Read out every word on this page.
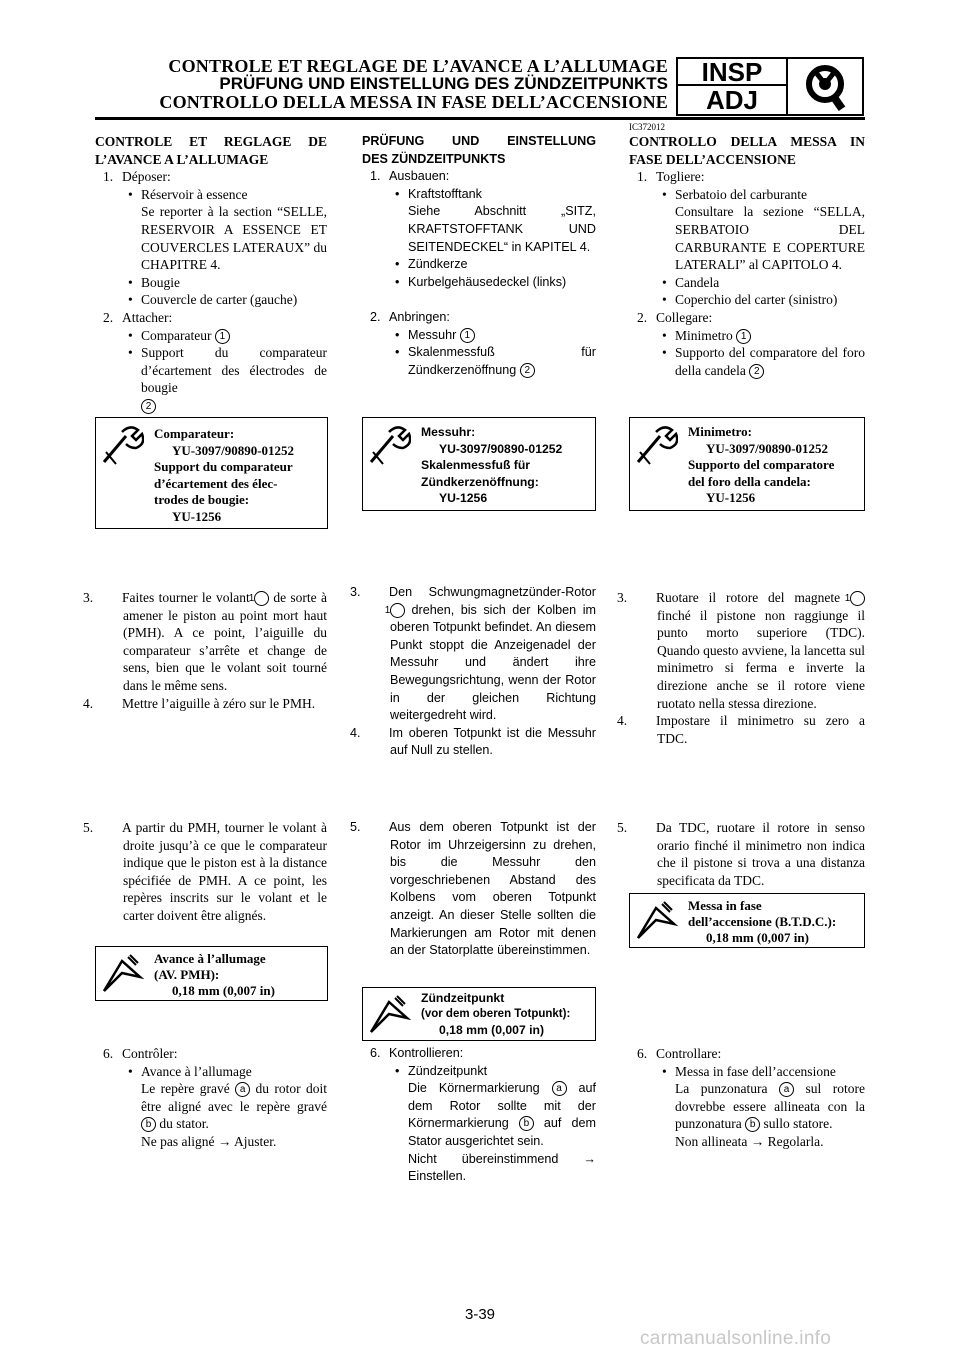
CONTROLE ET REGLAGE DE L’AVANCE A L’ALLUMAGE
PRÜFUNG UND EINSTELLUNG DES ZÜNDZEITPUNKTS
CONTROLLO DELLA MESSA IN FASE DELL’ACCENSIONE
INSP
ADJ
IC372012
CONTROLE ET REGLAGE DE
L’AVANCE A L’ALLUMAGE
1. Déposer:
• Réservoir à essence
Se reporter à la section “SELLE, RESERVOIR A ESSENCE ET COUVERCLES LATERAUX” du CHAPITRE 4.
• Bougie
• Couvercle de carter (gauche)
2. Attacher:
• Comparateur 1
• Support du comparateur d’écartement des électrodes de bougie
2
Comparateur:
YU-3097/90890-01252
Support du comparateur
d’écartement des élec-
trodes de bougie:
YU-1256
3. Faites tourner le volant 1 de sorte à amener le piston au point mort haut (PMH). A ce point, l’aiguille du comparateur s’arrête et change de sens, bien que le volant soit tourné dans le même sens.
4. Mettre l’aiguille à zéro sur le PMH.
5. A partir du PMH, tourner le volant à droite jusqu’à ce que le comparateur indique que le piston est à la distance spécifiée de PMH. A ce point, les repères inscrits sur le volant et le carter doivent être alignés.
Avance à l’allumage
(AV. PMH):
0,18 mm (0,007 in)
6. Contrôler:
• Avance à l’allumage
Le repère gravé a du rotor doit être aligné avec le repère gravé b du stator.
Ne pas aligné → Ajuster.
PRÜFUNG UND EINSTELLUNG
DES ZÜNDZEITPUNKTS
1. Ausbauen:
• Kraftstofftank
Siehe Abschnitt „SITZ, KRAFTSTOFFTANK UND SEITENDECKEL“ in KAPITEL 4.
• Zündkerze
• Kurbelgehäusedeckel (links)
2. Anbringen:
• Messuhr 1
• Skalenmessfuß für Zündkerzenöffnung 2
Messuhr:
YU-3097/90890-01252
Skalenmessfuß für
Zündkerzenöffnung:
YU-1256
3. Den Schwungmagnetzünder-Rotor 1 drehen, bis sich der Kolben im oberen Totpunkt befindet. An diesem Punkt stoppt die Anzeigenadel der Messuhr und ändert ihre Bewegungsrichtung, wenn der Rotor in der gleichen Richtung weitergedreht wird.
4. Im oberen Totpunkt ist die Messuhr auf Null zu stellen.
5. Aus dem oberen Totpunkt ist der Rotor im Uhrzeigersinn zu drehen, bis die Messuhr den vorgeschriebenen Abstand des Kolbens vom oberen Totpunkt anzeigt. An dieser Stelle sollten die Markierungen am Rotor mit denen an der Statorplatte übereinstimmen.
Zündzeitpunkt
(vor dem oberen Totpunkt):
0,18 mm (0,007 in)
6. Kontrollieren:
• Zündzeitpunkt
Die Körnermarkierung a auf dem Rotor sollte mit der Körnermarkierung b auf dem Stator ausgerichtet sein.
Nicht übereinstimmend → Einstellen.
CONTROLLO DELLA MESSA IN
FASE DELL’ACCENSIONE
1. Togliere:
• Serbatoio del carburante
Consultare la sezione “SELLA, SERBATOIO DEL CARBURANTE E COPERTURE LATERALI” al CAPITOLO 4.
• Candela
• Coperchio del carter (sinistro)
2. Collegare:
• Minimetro 1
• Supporto del comparatore del foro della candela 2
Minimetro:
YU-3097/90890-01252
Supporto del comparatore
del foro della candela:
YU-1256
3. Ruotare il rotore del magnete 1 finché il pistone non raggiunge il punto morto superiore (TDC). Quando questo avviene, la lancetta sul minimetro si ferma e inverte la direzione anche se il rotore viene ruotato nella stessa direzione.
4. Impostare il minimetro su zero a TDC.
5. Da TDC, ruotare il rotore in senso orario finché il minimetro non indica che il pistone si trova a una distanza specificata da TDC.
Messa in fase
dell’accensione (B.T.D.C.):
0,18 mm (0,007 in)
6. Controllare:
• Messa in fase dell’accensione
La punzonatura a sul rotore dovrebbe essere allineata con la punzonatura b sullo statore.
Non allineata → Regolarla.
3-39
carmanualsonline.info
